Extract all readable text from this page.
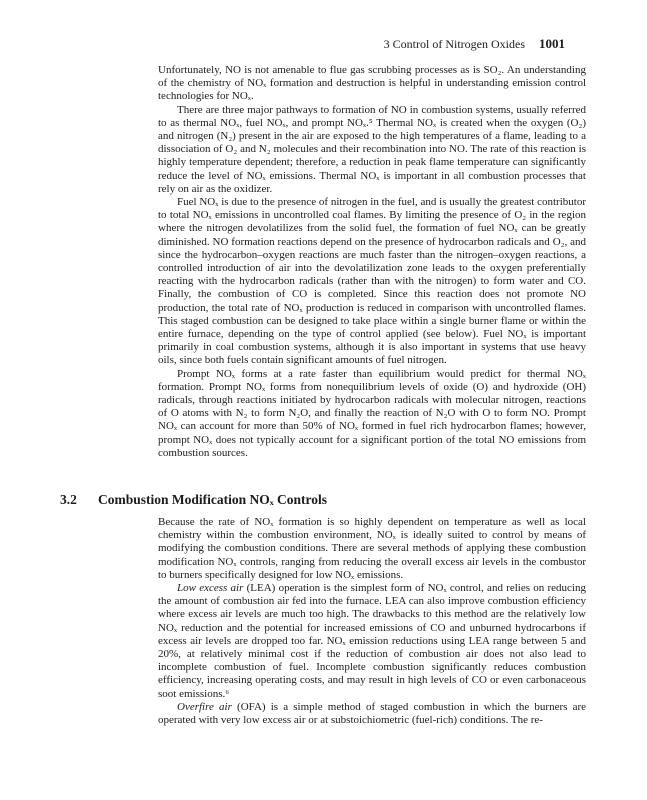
3 Control of Nitrogen Oxides 1001

Unfortunately, NO is not amenable to flue gas scrubbing processes as is SO₂. An understanding of the chemistry of NOₓ formation and destruction is helpful in understanding emission control technologies for NOₓ.

There are three major pathways to formation of NO in combustion systems, usually referred to as thermal NOₓ, fuel NOₓ, and prompt NOₓ.⁵ Thermal NOₓ is created when the oxygen (O₂) and nitrogen (N₂) present in the air are exposed to the high temperatures of a flame, leading to a dissociation of O₂ and N₂ molecules and their recombination into NO. The rate of this reaction is highly temperature dependent; therefore, a reduction in peak flame temperature can significantly reduce the level of NOₓ emissions. Thermal NOₓ is important in all combustion processes that rely on air as the oxidizer.

Fuel NOₓ is due to the presence of nitrogen in the fuel, and is usually the greatest contributor to total NOₓ emissions in uncontrolled coal flames. By limiting the presence of O₂ in the region where the nitrogen devolatilizes from the solid fuel, the formation of fuel NOₓ can be greatly diminished. NO formation reactions depend on the presence of hydrocarbon radicals and O₂, and since the hydrocarbon–oxygen reactions are much faster than the nitrogen–oxygen reactions, a controlled introduction of air into the devolatilization zone leads to the oxygen preferentially reacting with the hydrocarbon radicals (rather than with the nitrogen) to form water and CO. Finally, the combustion of CO is completed. Since this reaction does not promote NO production, the total rate of NOₓ production is reduced in comparison with uncontrolled flames. This staged combustion can be designed to take place within a single burner flame or within the entire furnace, depending on the type of control applied (see below). Fuel NOₓ is important primarily in coal combustion systems, although it is also important in systems that use heavy oils, since both fuels contain significant amounts of fuel nitrogen.

Prompt NOₓ forms at a rate faster than equilibrium would predict for thermal NOₓ formation. Prompt NOₓ forms from nonequilibrium levels of oxide (O) and hydroxide (OH) radicals, through reactions initiated by hydrocarbon radicals with molecular nitrogen, reactions of O atoms with N₂ to form N₂O, and finally the reaction of N₂O with O to form NO. Prompt NOₓ can account for more than 50% of NOₓ formed in fuel rich hydrocarbon flames; however, prompt NOₓ does not typically account for a significant portion of the total NO emissions from combustion sources.

3.2 Combustion Modification NOₓ Controls

Because the rate of NOₓ formation is so highly dependent on temperature as well as local chemistry within the combustion environment, NOₓ is ideally suited to control by means of modifying the combustion conditions. There are several methods of applying these combustion modification NOₓ controls, ranging from reducing the overall excess air levels in the combustor to burners specifically designed for low NOₓ emissions.

Low excess air (LEA) operation is the simplest form of NOₓ control, and relies on reducing the amount of combustion air fed into the furnace. LEA can also improve combustion efficiency where excess air levels are much too high. The drawbacks to this method are the relatively low NOₓ reduction and the potential for increased emissions of CO and unburned hydrocarbons if excess air levels are dropped too far. NOₓ emission reductions using LEA range between 5 and 20%, at relatively minimal cost if the reduction of combustion air does not also lead to incomplete combustion of fuel. Incomplete combustion significantly reduces combustion efficiency, increasing operating costs, and may result in high levels of CO or even carbonaceous soot emissions.⁶

Overfire air (OFA) is a simple method of staged combustion in which the burners are operated with very low excess air or at substoichiometric (fuel-rich) conditions. The re-
